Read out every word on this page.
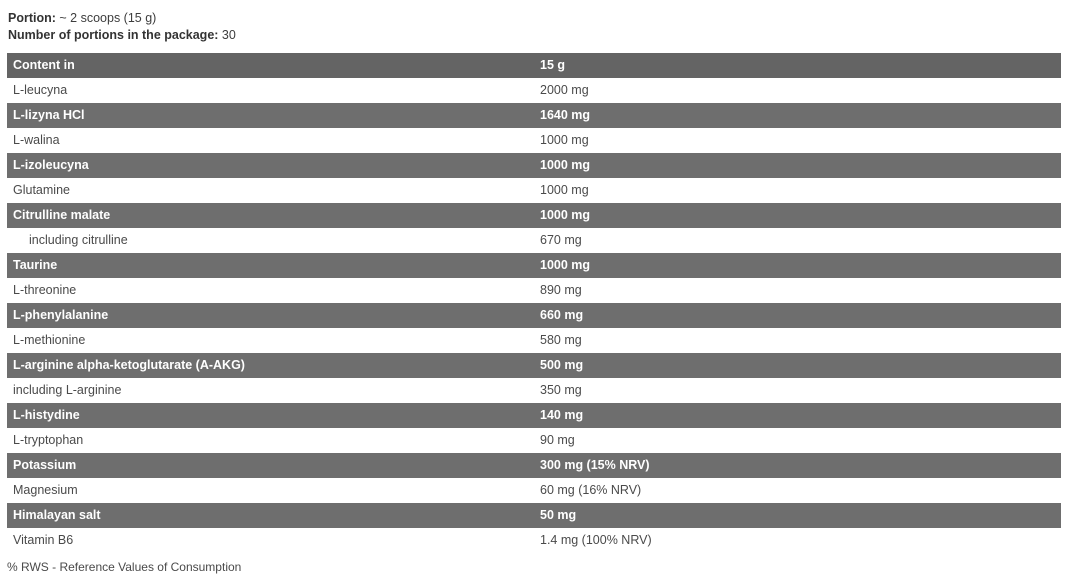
Portion: ~ 2 scoops (15 g)
Number of portions in the package: 30
Content in	15 g
L-leucyna	2000 mg
L-lizyna HCl	1640 mg
L-walina	1000 mg
L-izoleucyna	1000 mg
Glutamine	1000 mg
Citrulline malate	1000 mg
including citrulline	670 mg
Taurine	1000 mg
L-threonine	890 mg
L-phenylalanine	660 mg
L-methionine	580 mg
L-arginine alpha-ketoglutarate (A-AKG)	500 mg
including L-arginine	350 mg
L-histydine	140 mg
L-tryptophan	90 mg
Potassium	300 mg (15% NRV)
Magnesium	60 mg (16% NRV)
Himalayan salt	50 mg
Vitamin B6	1.4 mg (100% NRV)
% RWS - Reference Values of Consumption
